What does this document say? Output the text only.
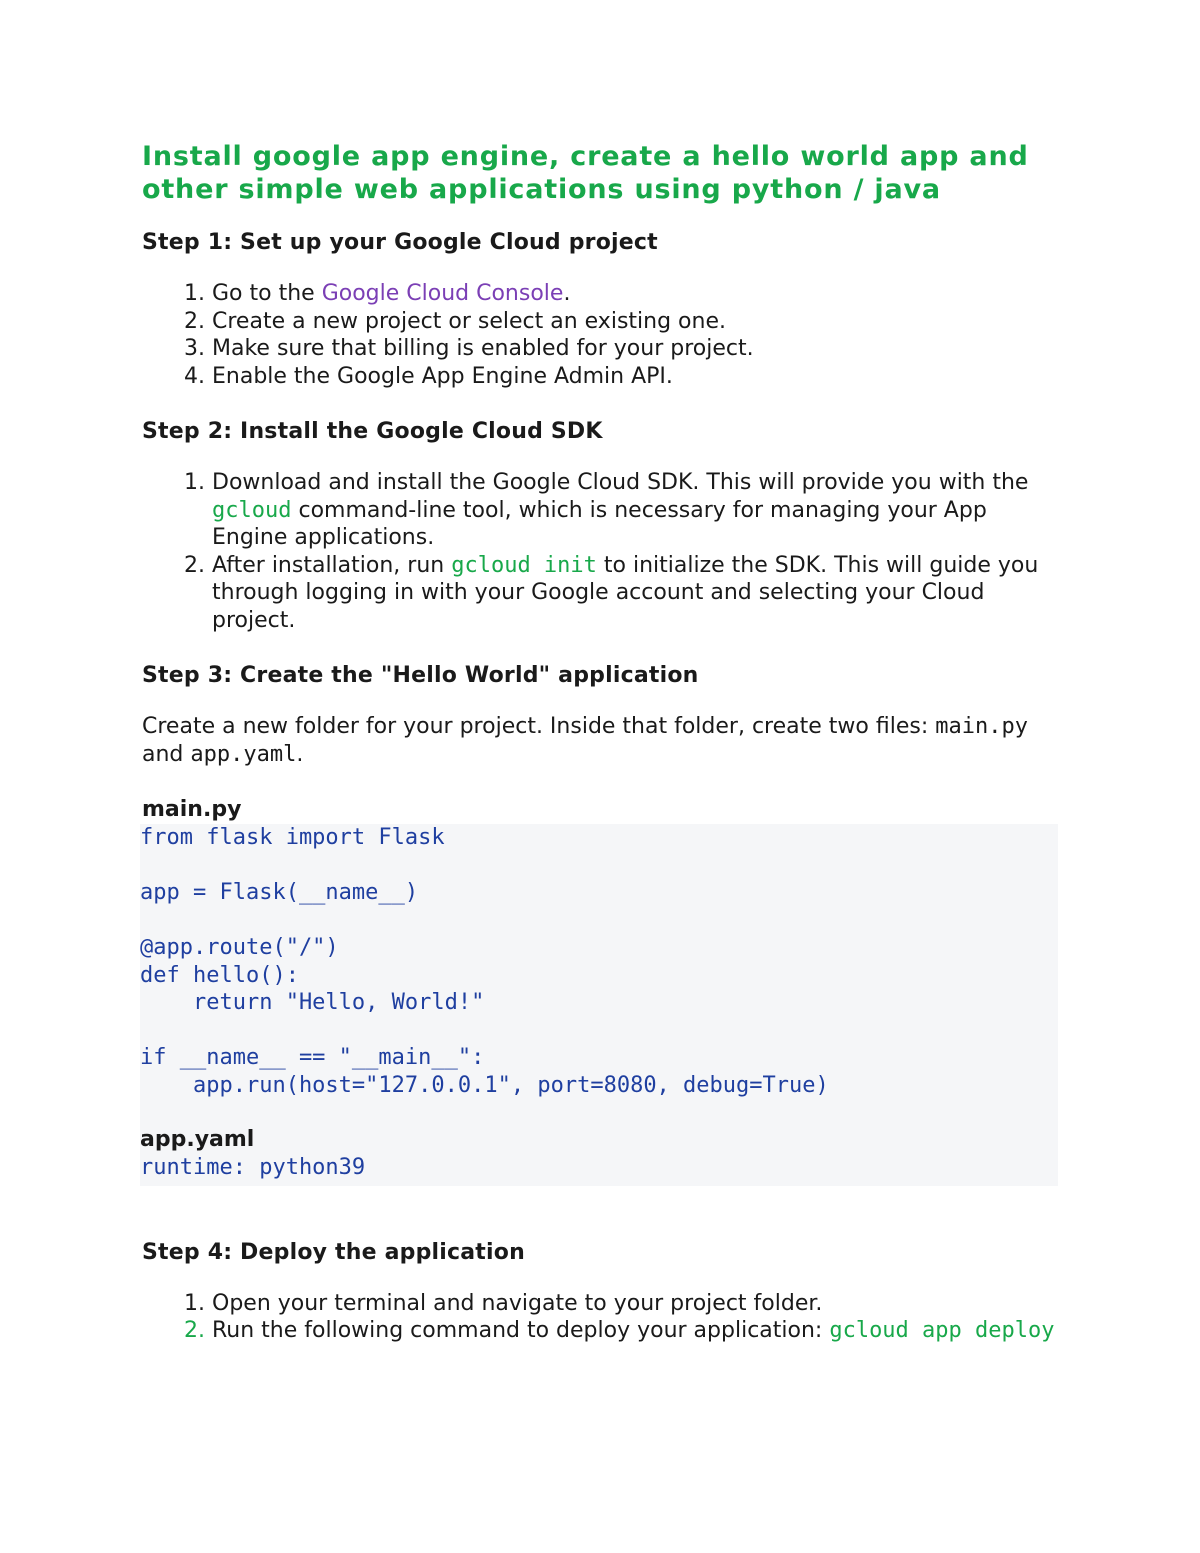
Install google app engine, create a hello world app and other simple web applications using python / java
Step 1: Set up your Google Cloud project
1. Go to the Google Cloud Console.
2. Create a new project or select an existing one.
3. Make sure that billing is enabled for your project.
4. Enable the Google App Engine Admin API.
Step 2: Install the Google Cloud SDK
1. Download and install the Google Cloud SDK. This will provide you with the gcloud command-line tool, which is necessary for managing your App Engine applications.
2. After installation, run gcloud init to initialize the SDK. This will guide you through logging in with your Google account and selecting your Cloud project.
Step 3: Create the "Hello World" application

Create a new folder for your project. Inside that folder, create two files: main.py and app.yaml.

main.py
from flask import Flask

app = Flask(__name__)

@app.route("/")
def hello():
return "Hello, World!"

if __name__ == "__main__":
app.run(host="127.0.0.1", port=8080, debug=True)
app.yaml
runtime: python39
Step 4: Deploy the application
1. Open your terminal and navigate to your project folder.
2. Run the following command to deploy your application: gcloud app deploy
